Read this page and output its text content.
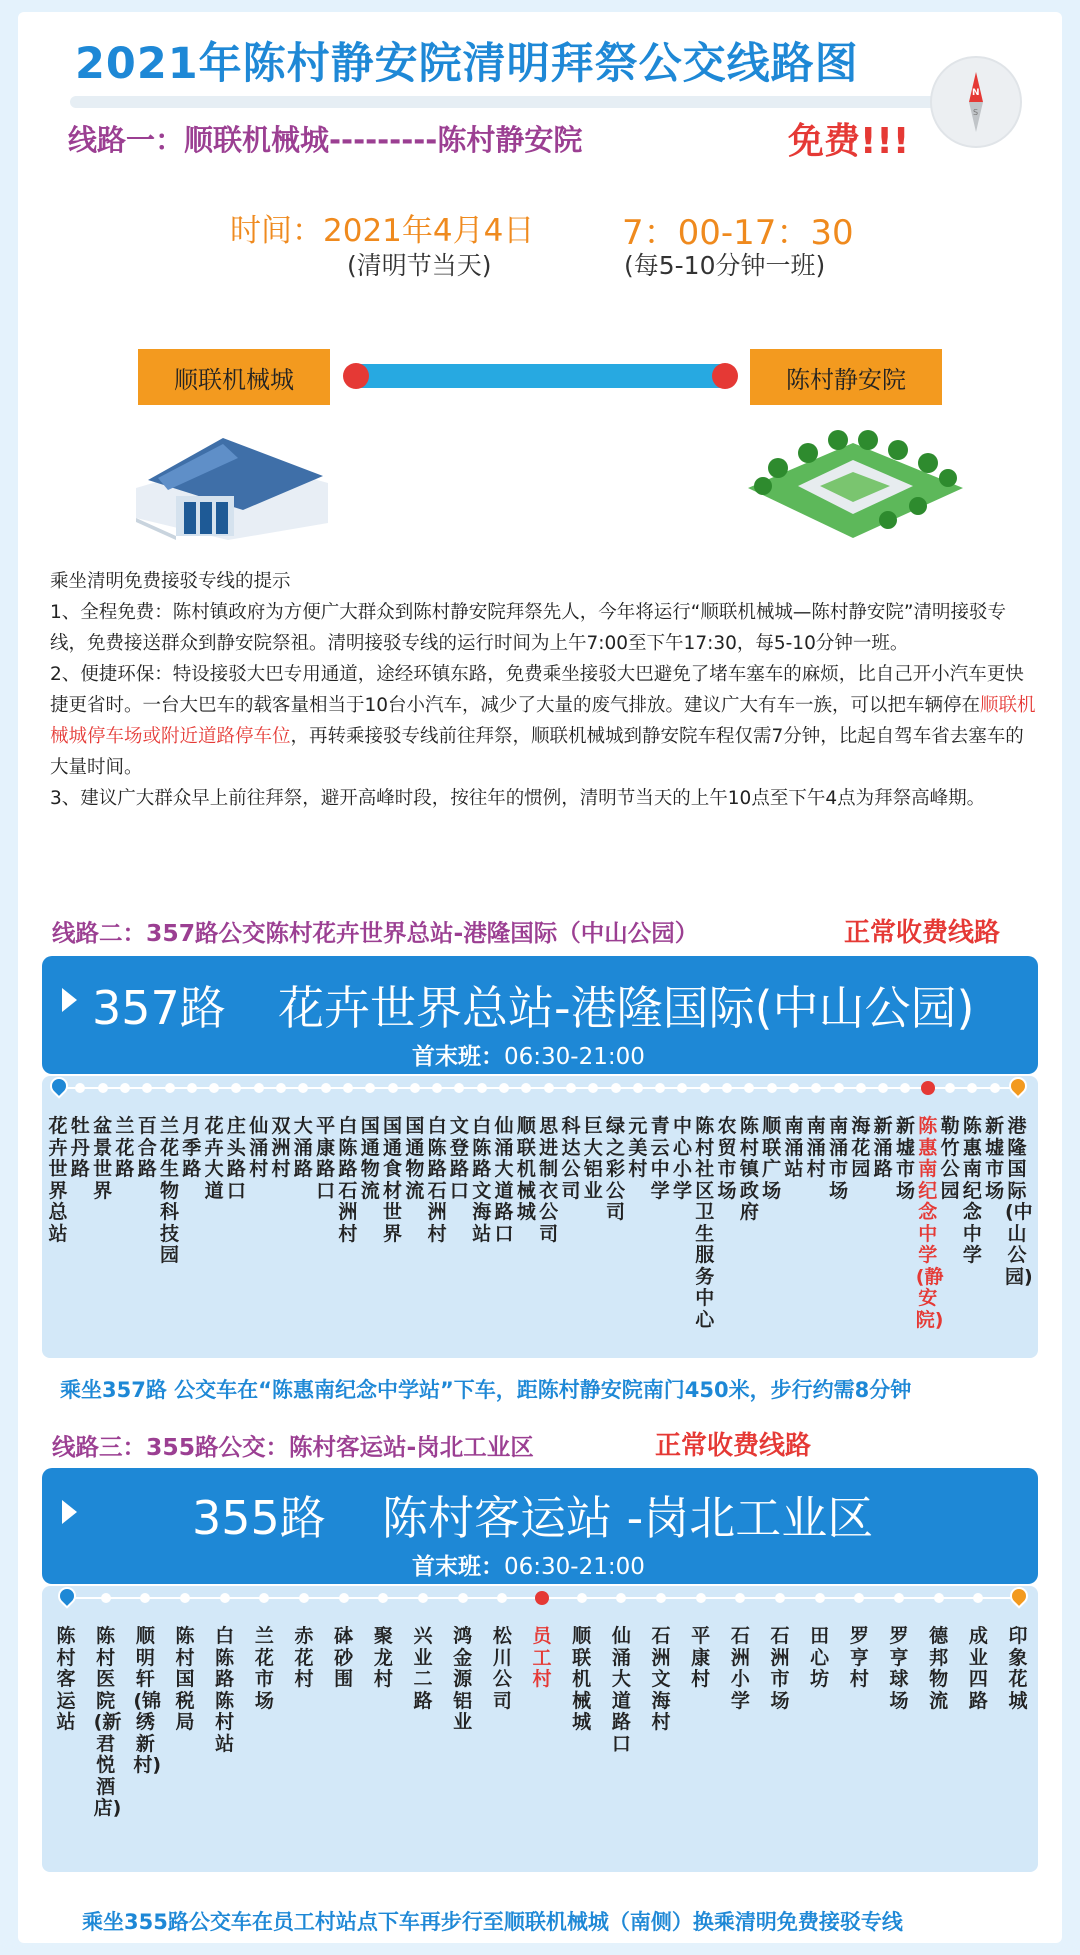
2021年陈村静安院清明拜祭公交线路图
N
S
线路一：顺联机械城---------陈村静安院	免费!!!
时间：2021年4月4日	7：00-17：30
(清明节当天)	(每5-10分钟一班)
顺联机械城	陈村静安院

乘坐清明免费接驳专线的提示

1、全程免费：陈村镇政府为方便广大群众到陈村静安院拜祭先人，今年将运行“顺联机械城—陈村静安院”清明接驳专线，免费接送群众到静安院祭祖。清明接驳专线的运行时间为上午7:00至下午17:30，每5-10分钟一班。

2、便捷环保：特设接驳大巴专用通道，途经环镇东路，免费乘坐接驳大巴避免了堵车塞车的麻烦，比自己开小汽车更快捷更省时。一台大巴车的载客量相当于10台小汽车，减少了大量的废气排放。建议广大有车一族，可以把车辆停在顺联机械城停车场或附近道路停车位，再转乘接驳专线前往拜祭，顺联机械城到静安院车程仅需7分钟，比起自驾车省去塞车的大量时间。

3、建议广大群众早上前往拜祭，避开高峰时段，按往年的惯例，清明节当天的上午10点至下午4点为拜祭高峰期。

线路二：357路公交陈村花卉世界总站-港隆国际（中山公园）	正常收费线路
357路 花卉世界总站-港隆国际(中山公园)
首末班：06:30-21:00
乘坐357路 公交车在“陈惠南纪念中学站”下车，距陈村静安院南门450米，步行约需8分钟
线路三：355路公交：陈村客运站-岗北工业区	正常收费线路
355路 陈村客运站 -岗北工业区
首末班：06:30-21:00
乘坐355路公交车在员工村站点下车再步行至顺联机械城（南侧）换乘清明免费接驳专线
花卉世界总站
牡丹路
盆景世界
兰花路
百合路
兰花生物科技园
月季路
花卉大道
庄头路口
仙涌村
双洲村
大涌路
平康路口
白陈路石洲村
国通物流
国通食材世界
国通物流
白陈路石洲村
文登路口
白陈路文海站
仙涌大道路口
顺联机械城
思进制衣公司
科达公司
巨大铝业
绿之彩公司
元美村
青云中学
中心小学
陈村社区卫生服务中心
农贸市场
陈村镇政府
顺联广场
南涌站
南涌村
南涌市场
海花园
新涌路
新墟市场
陈惠南纪念中学(静安院)
勒竹公园
陈惠南纪念中学
新墟市场
港隆国际(中山公园)
陈村客运站
陈村医院(新君悦酒店)
顺明轩(锦绣新村)
陈村国税局
白陈路陈村站
兰花市场
赤花村
砵砂围
聚龙村
兴业二路
鸿金源铝业
松川公司
员工村
顺联机械城
仙涌大道路口
石洲文海村
平康村
石洲小学
石洲市场
田心坊
罗亨村
罗亨球场
德邦物流
成业四路
印象花城
